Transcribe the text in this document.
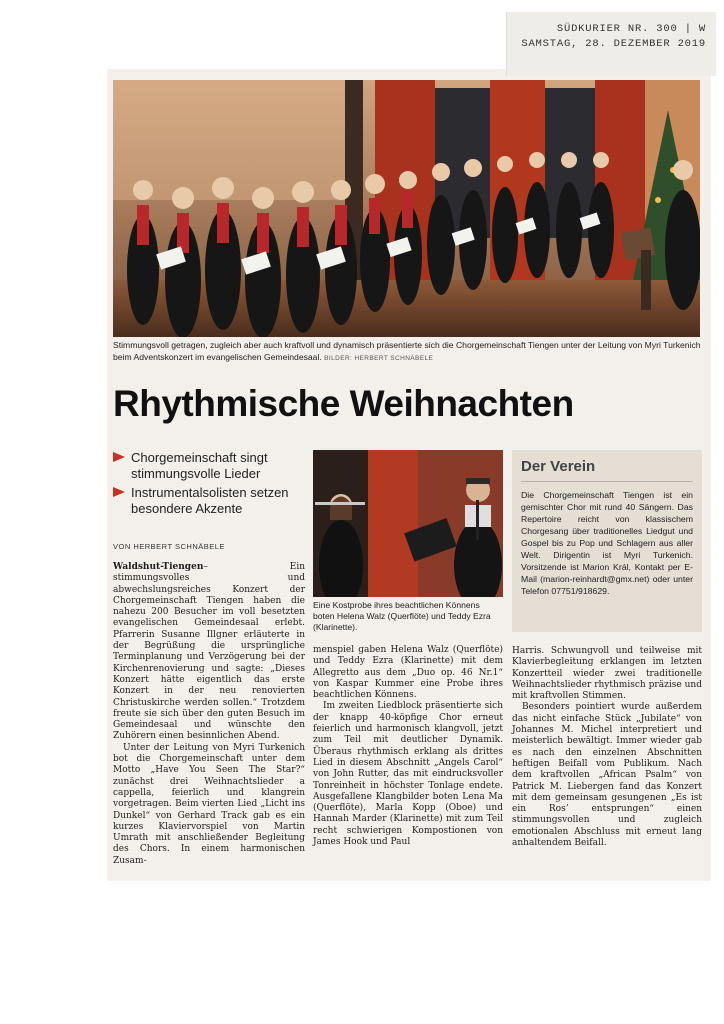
SÜDKURIER NR. 300 | W
SAMSTAG, 28. DEZEMBER 2019
Stimmungsvoll getragen, zugleich aber auch kraftvoll und dynamisch präsentierte sich die Chorgemeinschaft Tiengen unter der Leitung von Myri Turkenich beim Adventskonzert im evangelischen Gemeindesaal. BILDER: HERBERT SCHNÄBELE
Rhythmische Weihnachten
Chorgemeinschaft singt stimmungsvolle Lieder
Instrumentalsolisten setzen besondere Akzente
VON HERBERT SCHNÄBELE

Waldshut-Tiengen– Ein stimmungsvolles und abwechslungsreiches Konzert der Chorgemeinschaft Tiengen haben die nahezu 200 Besucher im voll besetzten evangelischen Gemeindesaal erlebt. Pfarrerin Susanne Illgner erläuterte in der Begrüßung die ursprüngliche Terminplanung und Verzögerung bei der Kirchenrenovierung und sagte: „Dieses Konzert hätte eigentlich das erste Konzert in der neu renovierten Christuskirche werden sollen.“ Trotzdem freute sie sich über den guten Besuch im Gemeindesaal und wünschte den Zuhörern einen besinnlichen Abend.

Unter der Leitung von Myri Turkenich bot die Chorgemeinschaft unter dem Motto „Have You Seen The Star?“ zunächst drei Weihnachtslieder a cappella, feierlich und klangrein vorgetragen. Beim vierten Lied „Licht ins Dunkel“ von Gerhard Track gab es ein kurzes Klaviervorspiel von Martin Umrath mit anschließender Begleitung des Chors. In einem harmonischen Zusam-

Eine Kostprobe ihres beachtlichen Könnens boten Helena Walz (Querflöte) und Teddy Ezra (Klarinette).

menspiel gaben Helena Walz (Querflöte) und Teddy Ezra (Klarinette) mit dem Allegretto aus dem „Duo op. 46 Nr.1“ von Kaspar Kummer eine Probe ihres beachtlichen Könnens.

Im zweiten Liedblock präsentierte sich der knapp 40-köpfige Chor erneut feierlich und harmonisch klangvoll, jetzt zum Teil mit deutlicher Dynamik. Überaus rhythmisch erklang als drittes Lied in diesem Abschnitt „Angels Carol“ von John Rutter, das mit eindrucksvoller Tonreinheit in höchster Tonlage endete. Ausgefallene Klangbilder boten Lena Ma (Querflöte), Marla Kopp (Oboe) und Hannah Marder (Klarinette) mit zum Teil recht schwierigen Kompostionen von James Hook und Paul

Der Verein

Die Chorgemeinschaft Tiengen ist ein gemischter Chor mit rund 40 Sängern. Das Repertoire reicht von klassischem Chorgesang über traditionelles Liedgut und Gospel bis zu Pop und Schlagern aus aller Welt. Dirigentin ist Myri Turkenich. Vorsitzende ist Marion Král, Kontakt per E-Mail (marion-reinhardt@gmx.net) oder unter Telefon 07751/918629.

Harris. Schwungvoll und teilweise mit Klavierbegleitung erklangen im letzten Konzertteil wieder zwei traditionelle Weihnachtslieder rhythmisch präzise und mit kraftvollen Stimmen.

Besonders pointiert wurde außerdem das nicht einfache Stück „Jubilate“ von Johannes M. Michel interpretiert und meisterlich bewältigt. Immer wieder gab es nach den einzelnen Abschnitten heftigen Beifall vom Publikum. Nach dem kraftvollen „African Psalm“ von Patrick M. Liebergen fand das Konzert mit dem gemeinsam gesungenen „Es ist ein Ros’ entsprungen“ einen stimmungsvollen und zugleich emotionalen Abschluss mit erneut lang anhaltendem Beifall.
